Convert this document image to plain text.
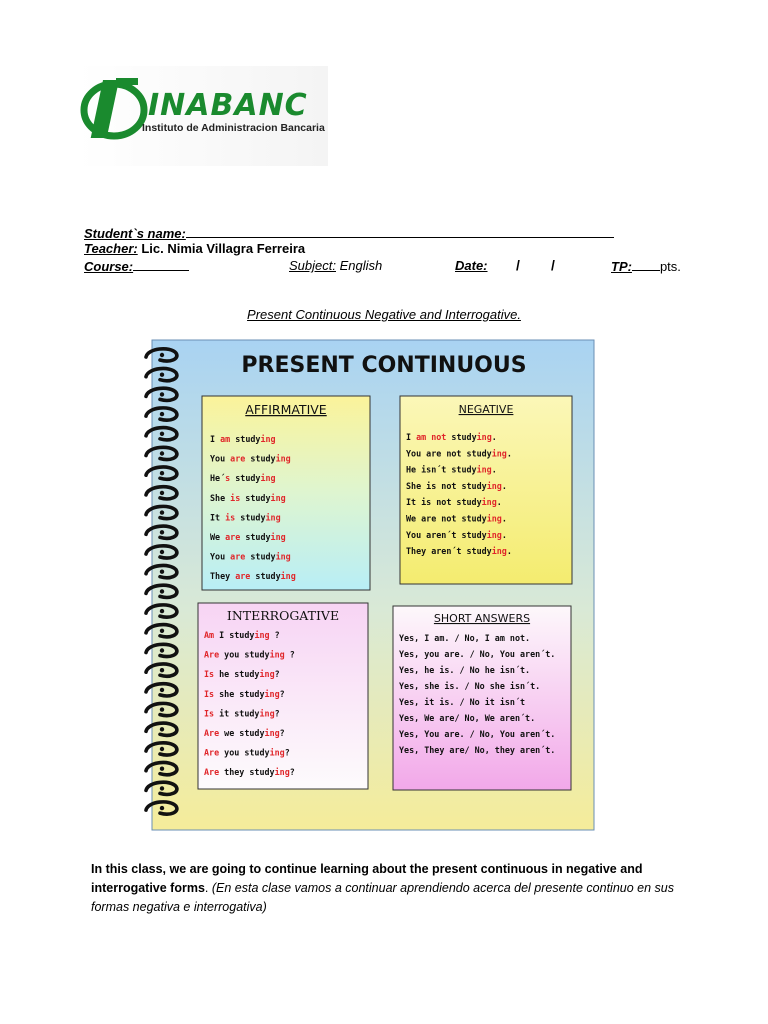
INABANC
Instituto de Administracion Bancaria
Student`s name:
Teacher: Lic. Nimia Villagra Ferreira
Course:	Subject: English	Date: / /	TP: pts.
Present Continuous Negative and Interrogative.
PRESENT CONTINUOUS
AFFIRMATIVE
I am studying
You are studying
He´s studying
She is studying
It is studying
We are studying
You are studying
They are studying
NEGATIVE
I am not studying.
You are not studying.
He isn´t studying.
She is not studying.
It is not studying.
We are not studying.
You aren´t studying.
They aren´t studying.
INTERROGATIVE
Am I studying ?
Are you studying ?
Is he studying?
Is she studying?
Is it studying?
Are we studying?
Are you studying?
Are they studying?
SHORT ANSWERS
Yes, I am. / No, I am not.
Yes, you are. / No, You aren´t.
Yes, he is. / No he isn´t.
Yes, she is. / No she isn´t.
Yes, it is. / No it isn´t
Yes, We are/ No, We aren´t.
Yes, You are. / No, You aren´t.
Yes, They are/ No, they aren´t.
In this class, we are going to continue learning about the present continuous in negative and interrogative forms. (En esta clase vamos a continuar aprendiendo acerca del presente continuo en sus formas negativa e interrogativa)
